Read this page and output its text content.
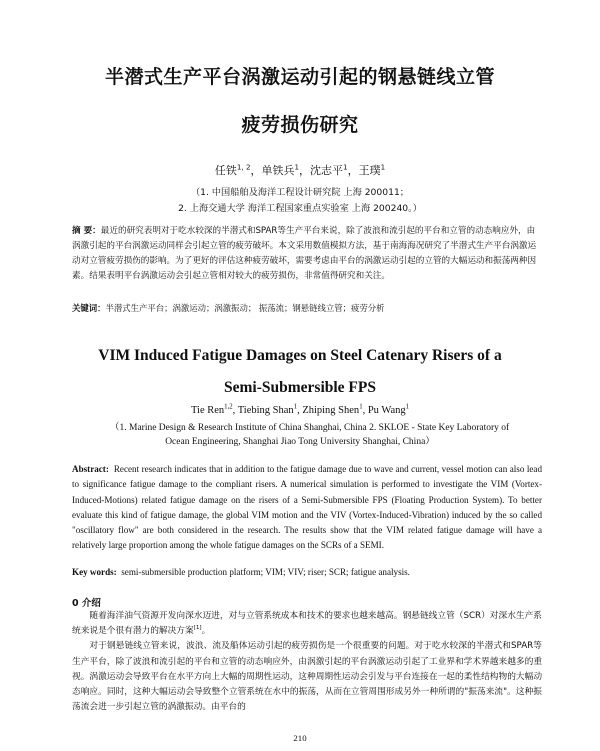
半潜式生产平台涡激运动引起的钢悬链线立管
疲劳损伤研究
任铁$^{1, 2}$，单铁兵$^1$，沈志平$^1$，王璞$^1$
（1. 中国船舶及海洋工程设计研究院 上海 200011；
2. 上海交通大学 海洋工程国家重点实验室 上海 200240。）
摘 要：最近的研究表明对于吃水较深的半潜式和SPAR等生产平台来说，除了波浪和流引起的平台和立管的动态响应外，由涡激引起的平台涡激运动同样会引起立管的疲劳破坏。本文采用数值模拟方法，基于南海海况研究了半潜式生产平台涡激运动对立管疲劳损伤的影响。为了更好的评估这种疲劳破坏，需要考虑由平台的涡激运动引起的立管的大幅运动和振荡两种因素。结果表明平台涡激运动会引起立管相对较大的疲劳损伤，非常值得研究和关注。
关键词：半潜式生产平台；涡激运动；涡激振动； 振荡流；钢悬链线立管；疲劳分析
VIM Induced Fatigue Damages on Steel Catenary Risers of a
Semi-Submersible FPS
Tie Ren$^{1,2}$, Tiebing Shan$^1$, Zhiping Shen$^1$, Pu Wang$^1$
（1. Marine Design & Research Institute of China Shanghai, China 2. SKLOE - State Key Laboratory of
Ocean Engineering, Shanghai Jiao Tong University Shanghai, China）
Abstract: Recent research indicates that in addition to the fatigue damage due to wave and current, vessel motion can also lead to significance fatigue damage to the compliant risers. A numerical simulation is performed to investigate the VIM (Vortex-Induced-Motions) related fatigue damage on the risers of a Semi-Submersible FPS (Floating Production System). To better evaluate this kind of fatigue damage, the global VIM motion and the VIV (Vortex-Induced-Vibration) induced by the so called "oscillatory flow" are both considered in the research. The results show that the VIM related fatigue damage will have a relatively large proportion among the whole fatigue damages on the SCRs of a SEMI.
Key words: semi-submersible production platform; VIM; VIV; riser; SCR; fatigue analysis.
0 介绍

随着海洋油气资源开发向深水迈进，对与立管系统成本和技术的要求也越来越高。钢悬链线立管（SCR）对深水生产系统来说是个很有潜力的解决方案[1]。

对于钢悬链线立管来说，波浪、流及船体运动引起的疲劳损伤是一个很重要的问题。对于吃水较深的半潜式和SPAR等生产平台，除了波浪和流引起的平台和立管的动态响应外，由涡激引起的平台涡激运动引起了工业界和学术界越来越多的重视。涡激运动会导致平台在水平方向上大幅的周期性运动，这种周期性运动会引发与平台连接在一起的柔性结构物的大幅动态响应。同时，这种大幅运动会导致整个立管系统在水中的振荡，从而在立管周围形成另外一种所谓的"振荡来流"。这种振荡流会进一步引起立管的涡激振动。由平台的

210
